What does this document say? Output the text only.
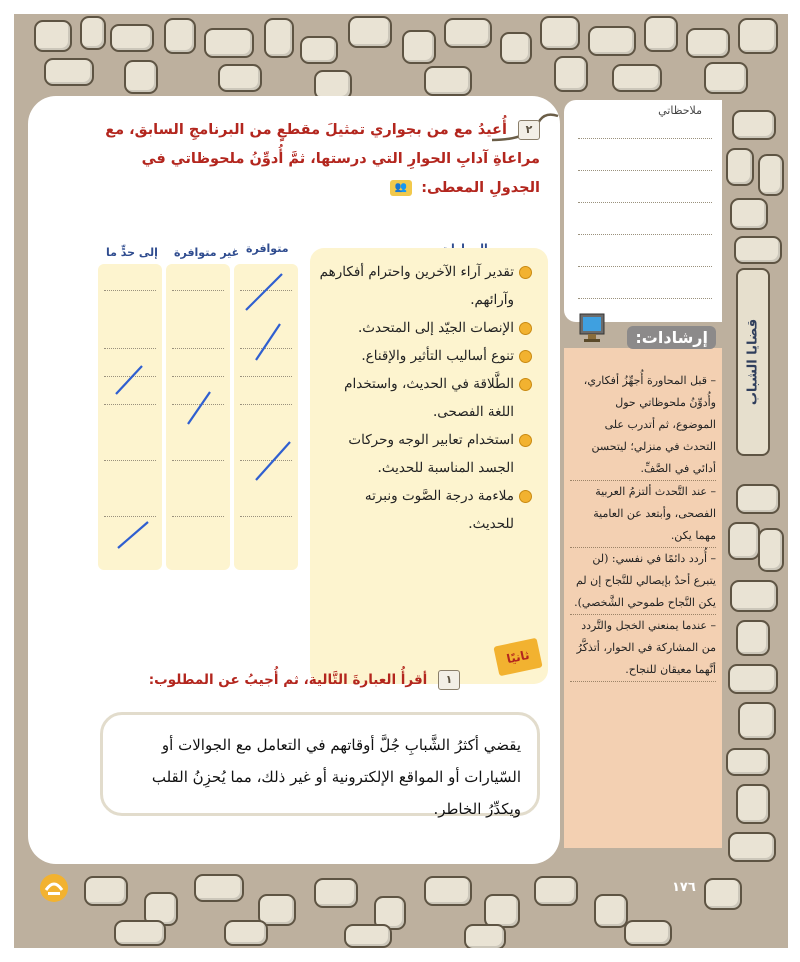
٢ أُعيدُ مع من بجواري تمثيلَ مقطعٍ من البرنامجِ السابق، مع مراعاةِ آدابِ الحوارِ التي درستها، ثمَّ أُدوِّنُ ملحوظاتي في الجدولِ المعطى: 👥
متوافرة
غير متوافرة
إلى حدٍّ ما
تقدير آراء الآخرين واحترام أفكارهم وآرائهم.
الإنصات الجيّد إلى المتحدث.
تنوع أساليب التأثير والإقناع.
الطَّلاقة في الحديث، واستخدام اللغة الفصحى.
استخدام تعابير الوجه وحركات الجسد المناسبة للحديث.
ملاءمة درجة الصَّوت ونبرته للحديث.
ثانيًا
١ أقرأُ العبارةَ التَّالية، ثم أُجيبُ عن المطلوب:
يقضي أكثرُ الشَّبابِ جُلَّ أوقاتهم في التعامل مع الجوالات أو السّيارات أو المواقع الإلكترونية أو غير ذلك، مما يُحزِنُ القلب ويكدِّرُ الخاطر.
ملاحظاتي
– قبل المحاورة أُجهِّزُ أفكاري، وأُدوِّنُ ملحوظاتي حول الموضوع، ثم أتدرب على التحدث في منزلي؛ ليتحسن أدائي في الصَّفِّ.
– عند التَّحدث ألتزمُ العربية الفصحى، وأبتعد عن العامية مهما يكن.
– أُردد دائمًا في نفسي: (لن يتبرع أحدٌ بإيصالي للنَّجاح إن لم يكن النَّجاح طموحي الشَّخصي).
– عندما يمنعني الخجل والتَّردد من المشاركة في الحوار، أتذكَّرُ أنَّهما معيقان للنجاح.
إرشادات:	قضايا الشباب
١٧٦
